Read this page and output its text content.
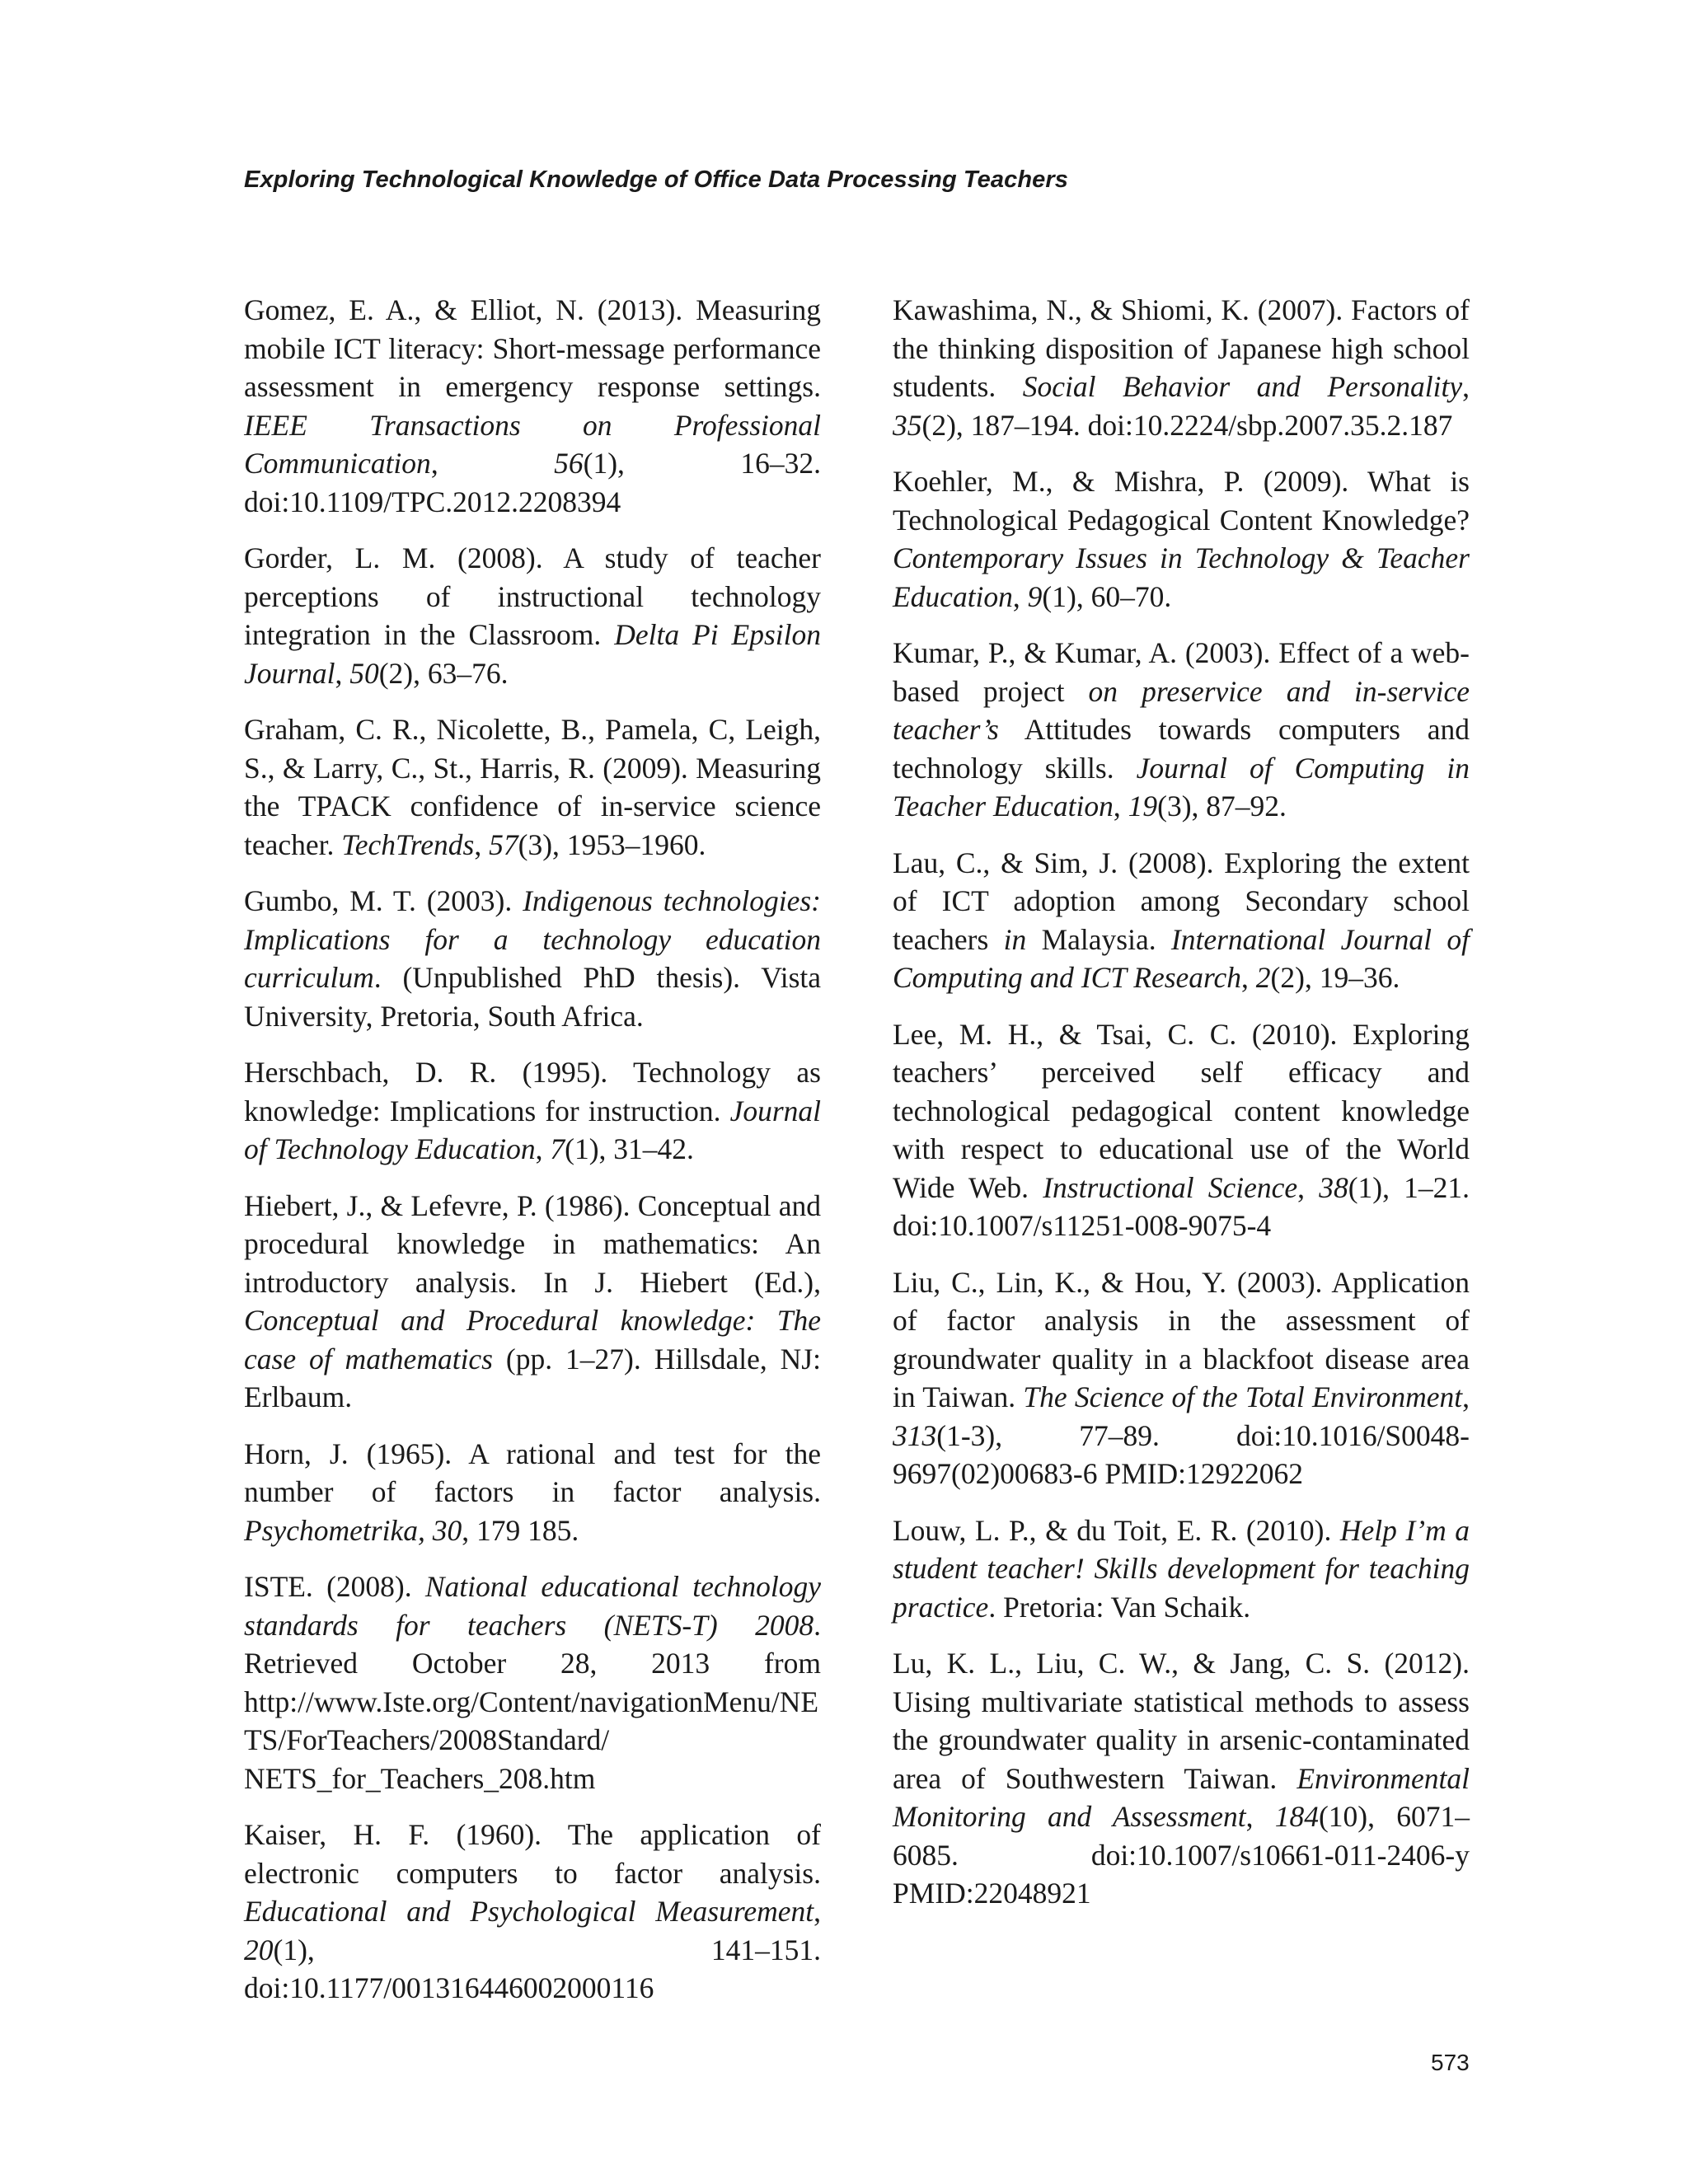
Exploring Technological Knowledge of Office Data Processing Teachers

Gomez, E. A., & Elliot, N. (2013). Measuring mobile ICT literacy: Short-message performance assessment in emergency response settings. IEEE Transactions on Professional Communication, 56(1), 16–32. doi:10.1109/TPC.2012.2208394

Gorder, L. M. (2008). A study of teacher perceptions of instructional technology integration in the Classroom. Delta Pi Epsilon Journal, 50(2), 63–76.

Graham, C. R., Nicolette, B., Pamela, C, Leigh, S., & Larry, C., St., Harris, R. (2009). Measuring the TPACK confidence of in-service science teacher. TechTrends, 57(3), 1953–1960.

Gumbo, M. T. (2003). Indigenous technologies: Implications for a technology education curriculum. (Unpublished PhD thesis). Vista University, Pretoria, South Africa.

Herschbach, D. R. (1995). Technology as knowledge: Implications for instruction. Journal of Technology Education, 7(1), 31–42.

Hiebert, J., & Lefevre, P. (1986). Conceptual and procedural knowledge in mathematics: An introductory analysis. In J. Hiebert (Ed.), Conceptual and Procedural knowledge: The case of mathematics (pp. 1–27). Hillsdale, NJ: Erlbaum.

Horn, J. (1965). A rational and test for the number of factors in factor analysis. Psychometrika, 30, 179 185.

ISTE. (2008). National educational technology standards for teachers (NETS-T) 2008. Retrieved October 28, 2013 from http://www.Iste.org/Content/navigationMenu/NETS/ForTeachers/2008Standard/ NETS_for_Teachers_208.htm

Kaiser, H. F. (1960). The application of electronic computers to factor analysis. Educational and Psychological Measurement, 20(1), 141–151. doi:10.1177/001316446002000116

Kawashima, N., & Shiomi, K. (2007). Factors of the thinking disposition of Japanese high school students. Social Behavior and Personality, 35(2), 187–194. doi:10.2224/sbp.2007.35.2.187

Koehler, M., & Mishra, P. (2009). What is Technological Pedagogical Content Knowledge? Contemporary Issues in Technology & Teacher Education, 9(1), 60–70.

Kumar, P., & Kumar, A. (2003). Effect of a web-based project on preservice and in-service teacher’s Attitudes towards computers and technology skills. Journal of Computing in Teacher Education, 19(3), 87–92.

Lau, C., & Sim, J. (2008). Exploring the extent of ICT adoption among Secondary school teachers in Malaysia. International Journal of Computing and ICT Research, 2(2), 19–36.

Lee, M. H., & Tsai, C. C. (2010). Exploring teachers’ perceived self efficacy and technological pedagogical content knowledge with respect to educational use of the World Wide Web. Instructional Science, 38(1), 1–21. doi:10.1007/s11251-008-9075-4

Liu, C., Lin, K., & Hou, Y. (2003). Application of factor analysis in the assessment of groundwater quality in a blackfoot disease area in Taiwan. The Science of the Total Environment, 313(1-3), 77–89. doi:10.1016/S0048-9697(02)00683-6 PMID:12922062

Louw, L. P., & du Toit, E. R. (2010). Help I’m a student teacher! Skills development for teaching practice. Pretoria: Van Schaik.

Lu, K. L., Liu, C. W., & Jang, C. S. (2012). Uising multivariate statistical methods to assess the groundwater quality in arsenic-contaminated area of Southwestern Taiwan. Environmental Monitoring and Assessment, 184(10), 6071–6085. doi:10.1007/s10661-011-2406-y PMID:22048921

573
